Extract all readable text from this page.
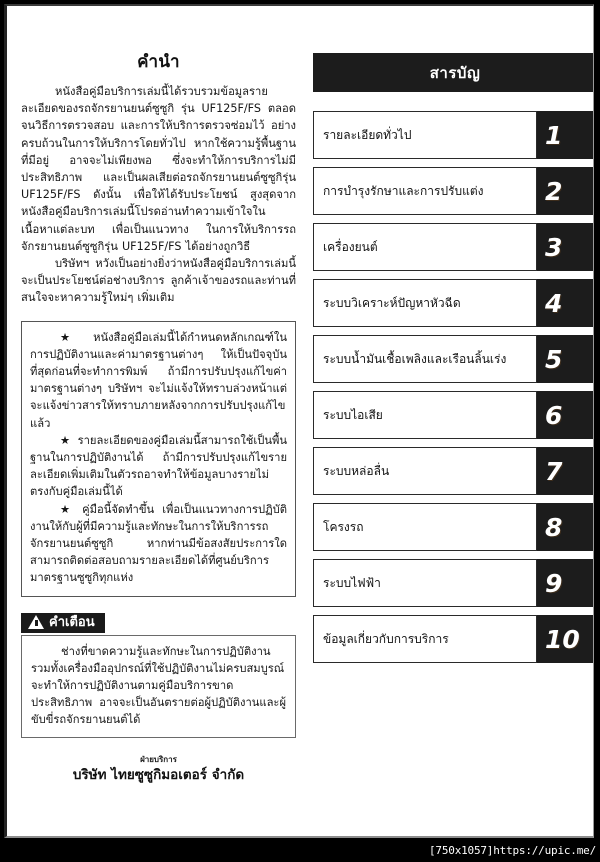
คำนำ

หนังสือคู่มือบริการเล่มนี้ได้รวบรวมข้อมูลรายละเอียดของรถจักรยานยนต์ซูซูกิ รุ่น UF125F/FS ตลอดจนวิธีการตรวจสอบ และการให้บริการตรวจซ่อมไว้ อย่างครบถ้วนในการให้บริการโดยทั่วไป หากใช้ความรู้พื้นฐาน ที่มีอยู่ อาจจะไม่เพียงพอ ซึ่งจะทำให้การบริการไม่มีประสิทธิภาพ และเป็นผลเสียต่อรถจักรยานยนต์ซูซูกิรุ่น UF125F/FS ดังนั้น เพื่อให้ได้รับประโยชน์ สูงสุดจากหนังสือคู่มือบริการเล่มนี้โปรดอ่านทำความเข้าใจในเนื้อหาแต่ละบท เพื่อเป็นแนวทาง ในการให้บริการรถจักรยานยนต์ซูซูกิรุ่น UF125F/FS ได้อย่างถูกวิธี

บริษัทฯ หวังเป็นอย่างยิ่งว่าหนังสือคู่มือบริการเล่มนี้จะเป็นประโยชน์ต่อช่างบริการ ลูกค้าเจ้าของรถและท่านที่สนใจจะหาความรู้ใหม่ๆ เพิ่มเติม

★ หนังสือคู่มือเล่มนี้ได้กำหนดหลักเกณฑ์ในการปฏิบัติงานและค่ามาตรฐานต่างๆ ให้เป็นปัจจุบันที่สุดก่อนที่จะทำการพิมพ์ ถ้ามีการปรับปรุงแก้ไขค่ามาตรฐานต่างๆ บริษัทฯ จะไม่แจ้งให้ทราบล่วงหน้าแต่จะแจ้งข่าวสารให้ทราบภายหลังจากการปรับปรุงแก้ไขแล้ว

★ รายละเอียดของคู่มือเล่มนี้สามารถใช้เป็นพื้นฐานในการปฏิบัติงานได้ ถ้ามีการปรับปรุงแก้ไขรายละเอียดเพิ่มเติมในตัวรถอาจทำให้ข้อมูลบางรายไม่ตรงกับคู่มือเล่มนี้ได้

★ คู่มือนี้จัดทำขึ้น เพื่อเป็นแนวทางการปฏิบัติงานให้กับผู้ที่มีความรู้และทักษะในการให้บริการรถจักรยานยนต์ซูซูกิ หากท่านมีข้อสงสัยประการใดสามารถติดต่อสอบถามรายละเอียดได้ที่ศูนย์บริการมาตรฐานซูซูกิทุกแห่ง

คำเตือน

ช่างที่ขาดความรู้และทักษะในการปฏิบัติงานรวมทั้งเครื่องมืออุปกรณ์ที่ใช้ปฏิบัติงานไม่ครบสมบูรณ์จะทำให้การปฏิบัติงานตามคู่มือบริการขาดประสิทธิภาพ อาจจะเป็นอันตรายต่อผู้ปฏิบัติงานและผู้ขับขี่รถจักรยานยนต์ได้

ฝ่ายบริการ
บริษัท ไทยซูซูกิมอเตอร์ จำกัด
สารบัญ
รายละเอียดทั่วไป	1
การบำรุงรักษาและการปรับแต่ง	2
เครื่องยนต์	3
ระบบวิเคราะห์ปัญหาหัวฉีด	4
ระบบน้ำมันเชื้อเพลิงและเรือนลิ้นเร่ง	5
ระบบไอเสีย	6
ระบบหล่อลื่น	7
โครงรถ	8
ระบบไฟฟ้า	9
ข้อมูลเกี่ยวกับการบริการ	10
[750x1057]https://upic.me/
